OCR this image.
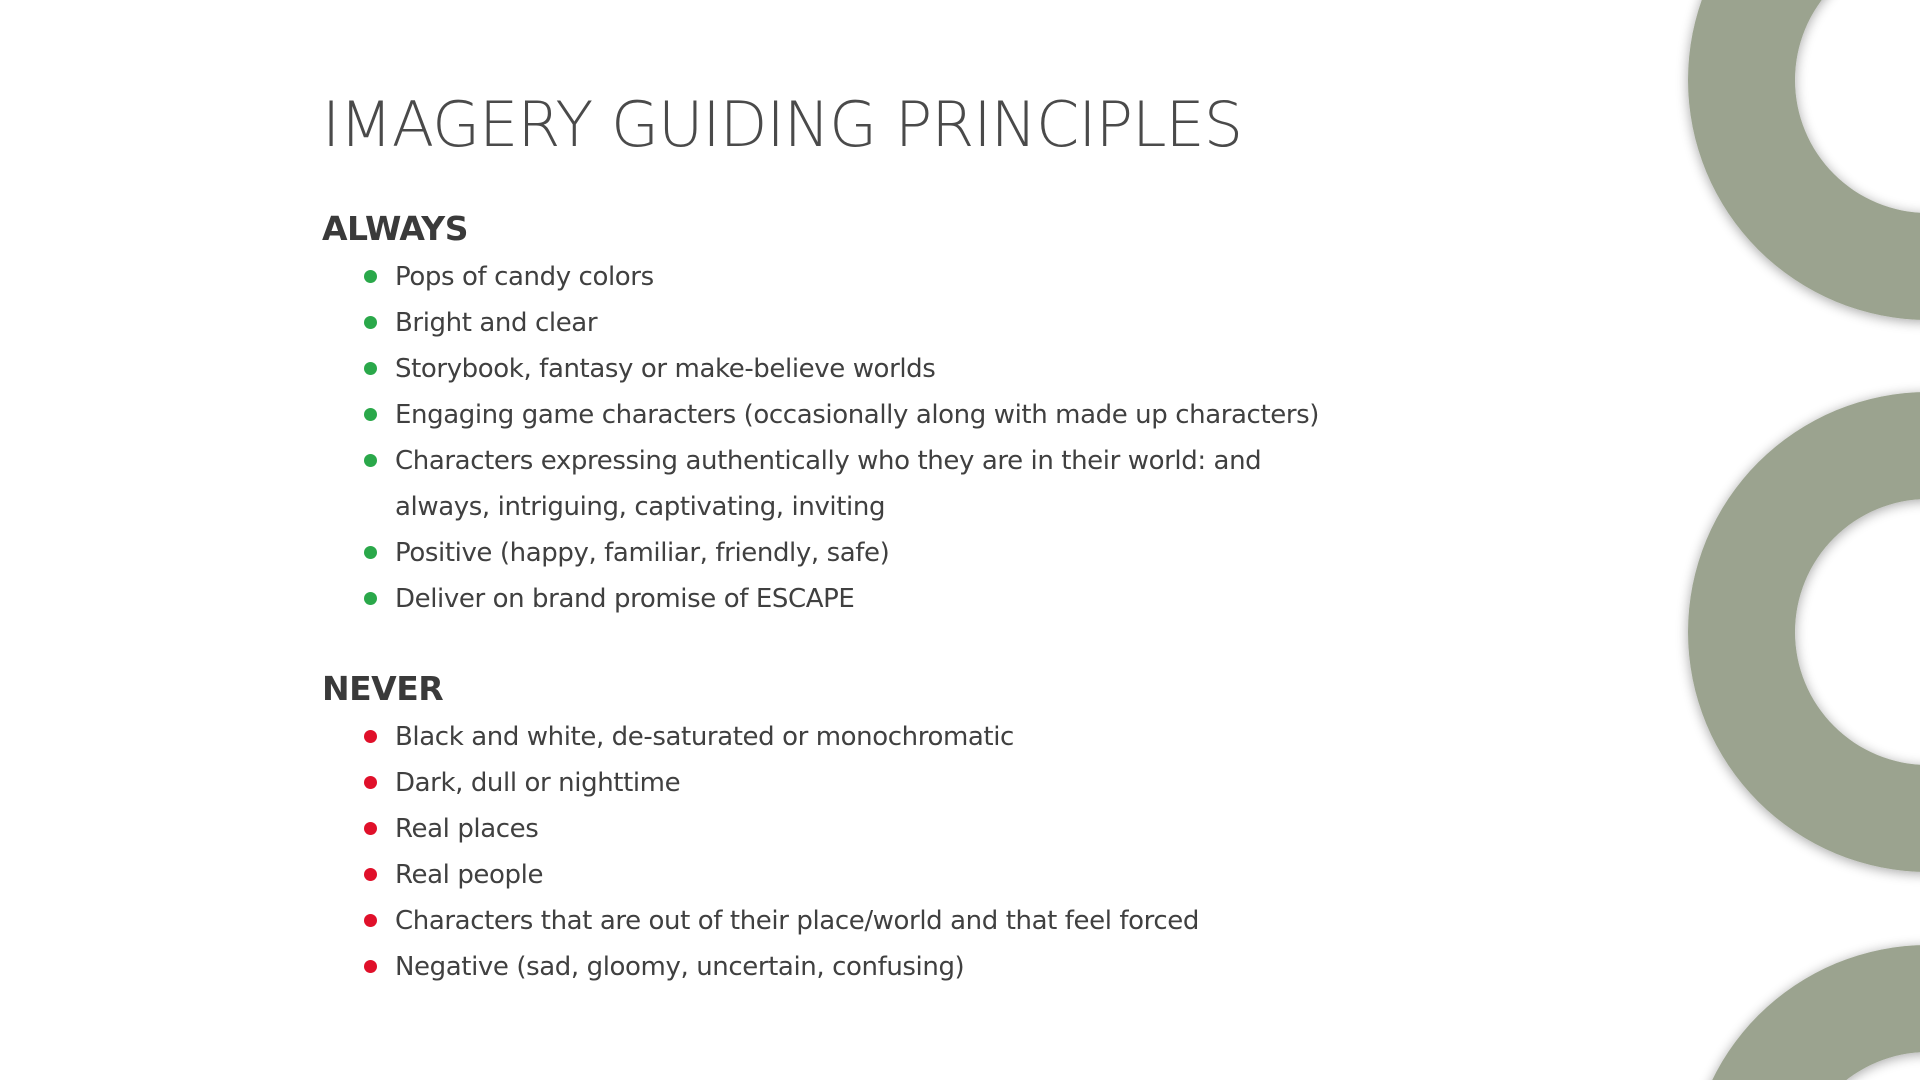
IMAGERY GUIDING PRINCIPLES
ALWAYS
Pops of candy colors
Bright and clear
Storybook, fantasy or make-believe worlds
Engaging game characters (occasionally along with made up characters)
Characters expressing authentically who they are in their world: and always, intriguing, captivating, inviting
Positive (happy, familiar, friendly, safe)
Deliver on brand promise of ESCAPE
NEVER
Black and white, de-saturated or monochromatic
Dark, dull or nighttime
Real places
Real people
Characters that are out of their place/world and that feel forced
Negative (sad, gloomy, uncertain, confusing)
